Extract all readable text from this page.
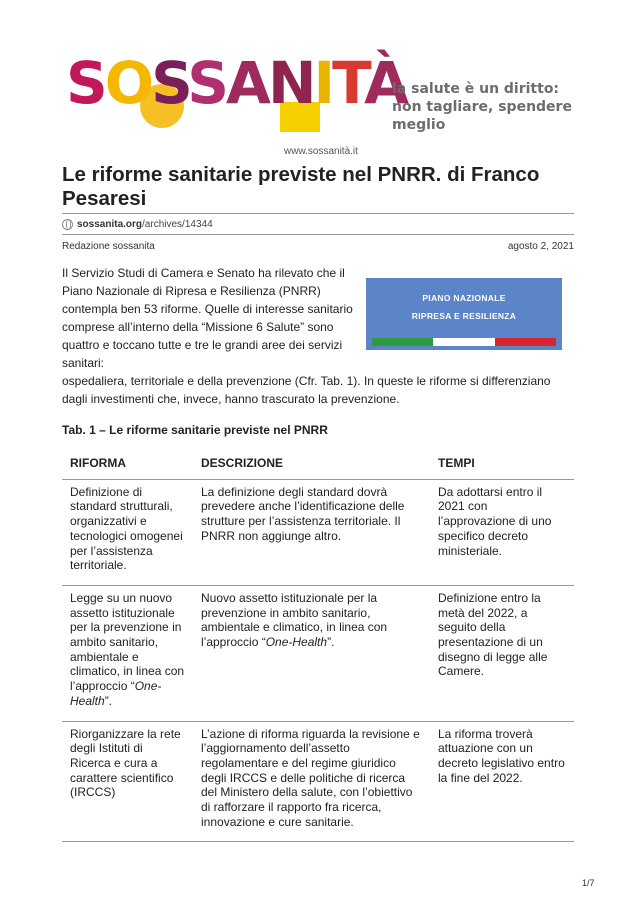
SOSSANITÀ
la salute è un diritto:
non tagliare, spendere meglio
www.sossanità.it
Le riforme sanitarie previste nel PNRR. di Franco Pesaresi
sossanita.org/archives/14344
Redazione sossanita	agosto 2, 2021

Il Servizio Studi di Camera e Senato ha rilevato che il Piano Nazionale di Ripresa e Resilienza (PNRR) contempla ben 53 riforme. Quelle di interesse sanitario comprese all’interno della “Missione 6 Salute” sono quattro e toccano tutte e tre le grandi aree dei servizi sanitari:

PIANO NAZIONALE
RIPRESA E RESILIENZA

ospedaliera, territoriale e della prevenzione (Cfr. Tab. 1). In queste le riforme si differenziano dagli investimenti che, invece, hanno trascurato la prevenzione.

Tab. 1 – Le riforme sanitarie previste nel PNRR

RIFORMA	DESCRIZIONE	TEMPI
Definizione di standard strutturali, organizzativi e tecnologici omogenei per l’assistenza territoriale.	La definizione degli standard dovrà prevedere anche l’identificazione delle strutture per l’assistenza territoriale. Il PNRR non aggiunge altro.	Da adottarsi entro il 2021 con l’approvazione di uno specifico decreto ministeriale.
Legge su un nuovo assetto istituzionale per la prevenzione in ambito sanitario, ambientale e climatico, in linea con l’approccio “One-Health”.	Nuovo assetto istituzionale per la prevenzione in ambito sanitario, ambientale e climatico, in linea con l’approccio “One-Health”.	Definizione entro la metà del 2022, a seguito della presentazione di un disegno di legge alle Camere.
Riorganizzare la rete degli Istituti di Ricerca e cura a carattere scientifico (IRCCS)	L’azione di riforma riguarda la revisione e l’aggiornamento dell’assetto regolamentare e del regime giuridico degli IRCCS e delle politiche di ricerca del Ministero della salute, con l’obiettivo di rafforzare il rapporto fra ricerca, innovazione e cure sanitarie.	La riforma troverà attuazione con un decreto legislativo entro la fine del 2022.
1/7
